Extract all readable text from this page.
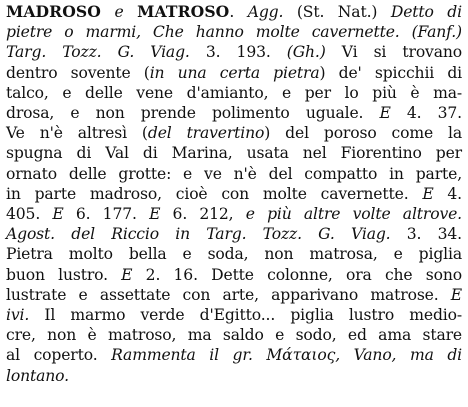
MADROSO e MATROSO. Agg. (St. Nat.) Detto di
pietre o marmi, Che hanno molte cavernette. (Fanf.)
Targ. Tozz. G. Viag. 3. 193. (Gh.) Vi si trovano
dentro sovente (in una certa pietra) de' spicchii di
talco, e delle vene d'amianto, e per lo più è ma-
drosa, e non prende polimento uguale. E 4. 37.
Ve n'è altresì (del travertino) del poroso come la
spugna di Val di Marina, usata nel Fiorentino per
ornato delle grotte: e ve n'è del compatto in parte,
in parte madroso, cioè con molte cavernette. E 4.
405. E 6. 177. E 6. 212, e più altre volte altrove.
Agost. del Riccio in Targ. Tozz. G. Viag. 3. 34.
Pietra molto bella e soda, non matrosa, e piglia
buon lustro. E 2. 16. Dette colonne, ora che sono
lustrate e assettate con arte, apparivano matrose. E
ivi. Il marmo verde d'Egitto... piglia lustro medio-
cre, non è matroso, ma saldo e sodo, ed ama stare
al coperto. Rammenta il gr. Μάταιος, Vano, ma di
lontano.
